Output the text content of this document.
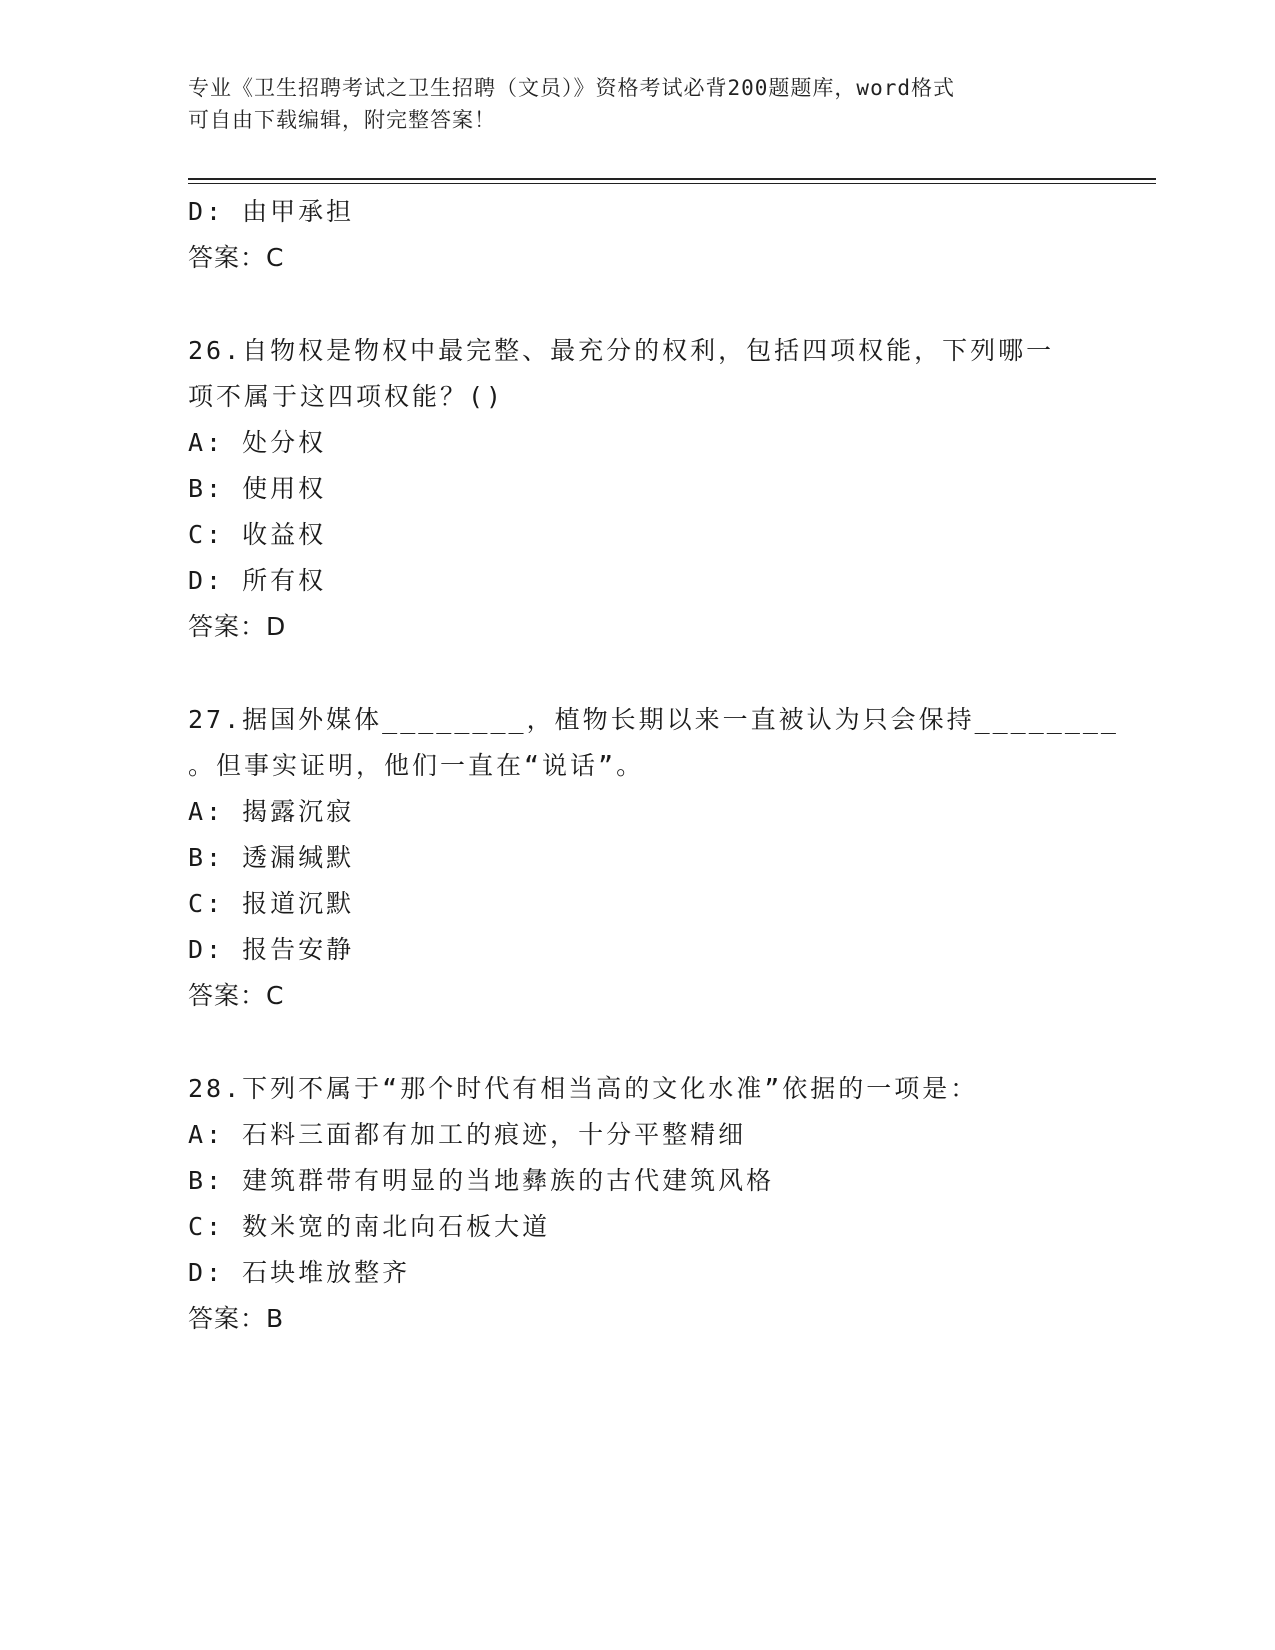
专业《卫生招聘考试之卫生招聘（文员）》资格考试必背200题题库，word格式
可自由下载编辑，附完整答案！
D: 由甲承担
答案：C
26.自物权是物权中最完整、最充分的权利，包括四项权能，下列哪一
项不属于这四项权能？()
A: 处分权
B: 使用权
C: 收益权
D: 所有权
答案：D
27.据国外媒体________，植物长期以来一直被认为只会保持________
。但事实证明，他们一直在“说话”。
A: 揭露沉寂
B: 透漏缄默
C: 报道沉默
D: 报告安静
答案：C
28.下列不属于“那个时代有相当高的文化水准”依据的一项是：
A: 石料三面都有加工的痕迹，十分平整精细
B: 建筑群带有明显的当地彝族的古代建筑风格
C: 数米宽的南北向石板大道
D: 石块堆放整齐
答案：B
